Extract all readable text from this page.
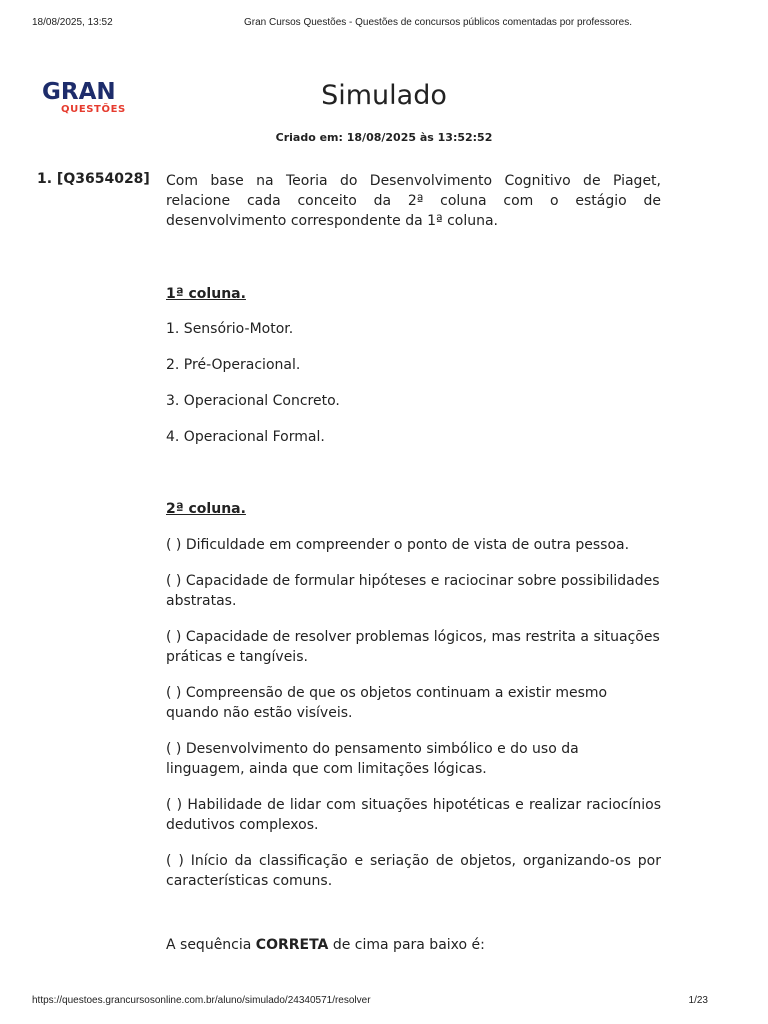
18/08/2025, 13:52	Gran Cursos Questões - Questões de concursos públicos comentadas por professores.
GRAN
QUESTÕES	Simulado
Criado em: 18/08/2025 às 13:52:52
1. [Q3654028] Com base na Teoria do Desenvolvimento Cognitivo de Piaget, relacione cada conceito da 2ª coluna com o estágio de desenvolvimento correspondente da 1ª coluna.

1ª coluna.

1. Sensório-Motor.

2. Pré-Operacional.

3. Operacional Concreto.

4. Operacional Formal.

2ª coluna.

( ) Dificuldade em compreender o ponto de vista de outra pessoa.

( ) Capacidade de formular hipóteses e raciocinar sobre possibilidades abstratas.

( ) Capacidade de resolver problemas lógicos, mas restrita a situações práticas e tangíveis.

( ) Compreensão de que os objetos continuam a existir mesmo quando não estão visíveis.

( ) Desenvolvimento do pensamento simbólico e do uso da linguagem, ainda que com limitações lógicas.

( ) Habilidade de lidar com situações hipotéticas e realizar raciocínios dedutivos complexos.

( ) Início da classificação e seriação de objetos, organizando-os por características comuns.

A sequência CORRETA de cima para baixo é:

https://questoes.grancursosonline.com.br/aluno/simulado/24340571/resolver	1/23
